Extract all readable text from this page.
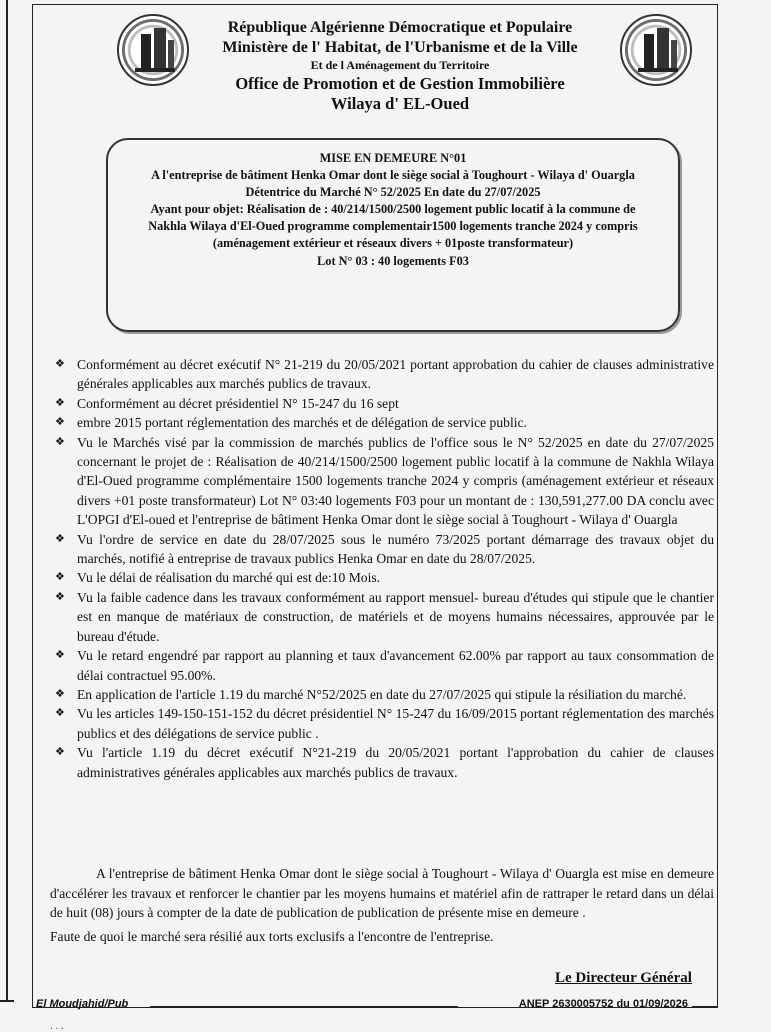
République Algérienne Démocratique et Populaire
Ministère de l' Habitat, de l'Urbanisme et de la Ville
Et de l Aménagement du Territoire
Office de Promotion et de Gestion Immobilière
Wilaya d' EL-Oued
MISE EN DEMEURE N°01
A l'entreprise de bâtiment Henka Omar dont le siège social à Toughourt - Wilaya d' Ouargla
Détentrice du Marché N° 52/2025 En date du 27/07/2025
Ayant pour objet: Réalisation de : 40/214/1500/2500 logement public locatif à la commune de Nakhla Wilaya d'El-Oued programme complementair1500 logements tranche 2024 y compris (aménagement extérieur et réseaux divers + 01poste transformateur)
Lot N° 03 : 40 logements F03
❖ Conformément au décret exécutif N° 21-219 du 20/05/2021 portant approbation du cahier de clauses administrative générales applicables aux marchés publics de travaux.
❖ Conformément au décret présidentiel N° 15-247 du 16 sept
❖ embre 2015 portant réglementation des marchés et de délégation de service public.
❖ Vu le Marchés visé par la commission de marchés publics de l'office sous le N° 52/2025 en date du 27/07/2025 concernant le projet de : Réalisation de 40/214/1500/2500 logement public locatif à la commune de Nakhla Wilaya d'El-Oued programme complémentaire 1500 logements tranche 2024 y compris (aménagement extérieur et réseaux divers +01 poste transformateur) Lot N° 03:40 logements F03 pour un montant de : 130,591,277.00 DA conclu avec L'OPGI d'El-oued et l'entreprise de bâtiment Henka Omar dont le siège social à Toughourt - Wilaya d' Ouargla
❖ Vu l'ordre de service en date du 28/07/2025 sous le numéro 73/2025 portant démarrage des travaux objet du marchés, notifié à entreprise de travaux publics Henka Omar en date du 28/07/2025.
❖ Vu le délai de réalisation du marché qui est de:10 Mois.
❖ Vu la faible cadence dans les travaux conformément au rapport mensuel- bureau d'études qui stipule que le chantier est en manque de matériaux de construction, de matériels et de moyens humains nécessaires, approuvée par le bureau d'étude.
❖ Vu le retard engendré par rapport au planning et taux d'avancement 62.00% par rapport au taux consommation de délai contractuel 95.00%.
❖ En application de l'article 1.19 du marché N°52/2025 en date du 27/07/2025 qui stipule la résiliation du marché.
❖ Vu les articles 149-150-151-152 du décret présidentiel N° 15-247 du 16/09/2015 portant réglementation des marchés publics et des délégations de service public .
❖ Vu l'article 1.19 du décret exécutif N°21-219 du 20/05/2021 portant l'approbation du cahier de clauses administratives générales applicables aux marchés publics de travaux.

A l'entreprise de bâtiment Henka Omar dont le siège social à Toughourt - Wilaya d' Ouargla est mise en demeure d'accélérer les travaux et renforcer le chantier par les moyens humains et matériel afin de rattraper le retard dans un délai de huit (08) jours à compter de la date de publication de publication de présente mise en demeure .

Faute de quoi le marché sera résilié aux torts exclusifs a l'encontre de l'entreprise.

Le Directeur Général
El Moudjahid/Pub	ANEP 2630005752 du 01/09/2026
. . .
